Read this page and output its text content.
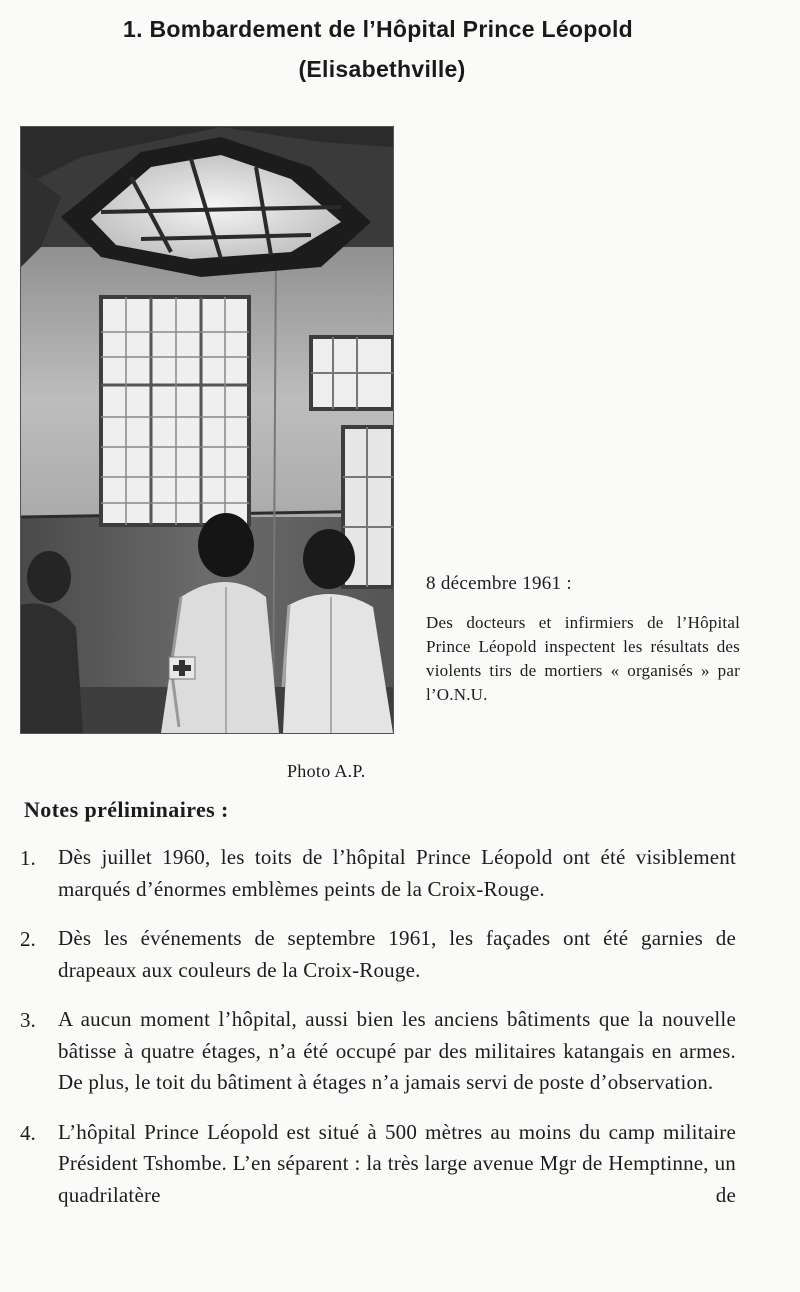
1. Bombardement de l’Hôpital Prince Léopold
(Elisabethville)
8 décembre 1961 :
Des docteurs et infirmiers de l’Hôpital Prince Léopold inspectent les résultats des violents tirs de mortiers « organisés » par l’O.N.U.
Photo A.P.
Notes préliminaires :
1. Dès juillet 1960, les toits de l’hôpital Prince Léopold ont été visiblement marqués d’énormes emblèmes peints de la Croix-Rouge.
2. Dès les événements de septembre 1961, les façades ont été garnies de drapeaux aux couleurs de la Croix-Rouge.
3. A aucun moment l’hôpital, aussi bien les anciens bâtiments que la nouvelle bâtisse à quatre étages, n’a été occupé par des militaires katangais en armes. De plus, le toit du bâtiment à étages n’a jamais servi de poste d’observation.
4. L’hôpital Prince Léopold est situé à 500 mètres au moins du camp militaire Président Tshombe. L’en séparent : la très large avenue Mgr de Hemptinne, un quadrilatère de
